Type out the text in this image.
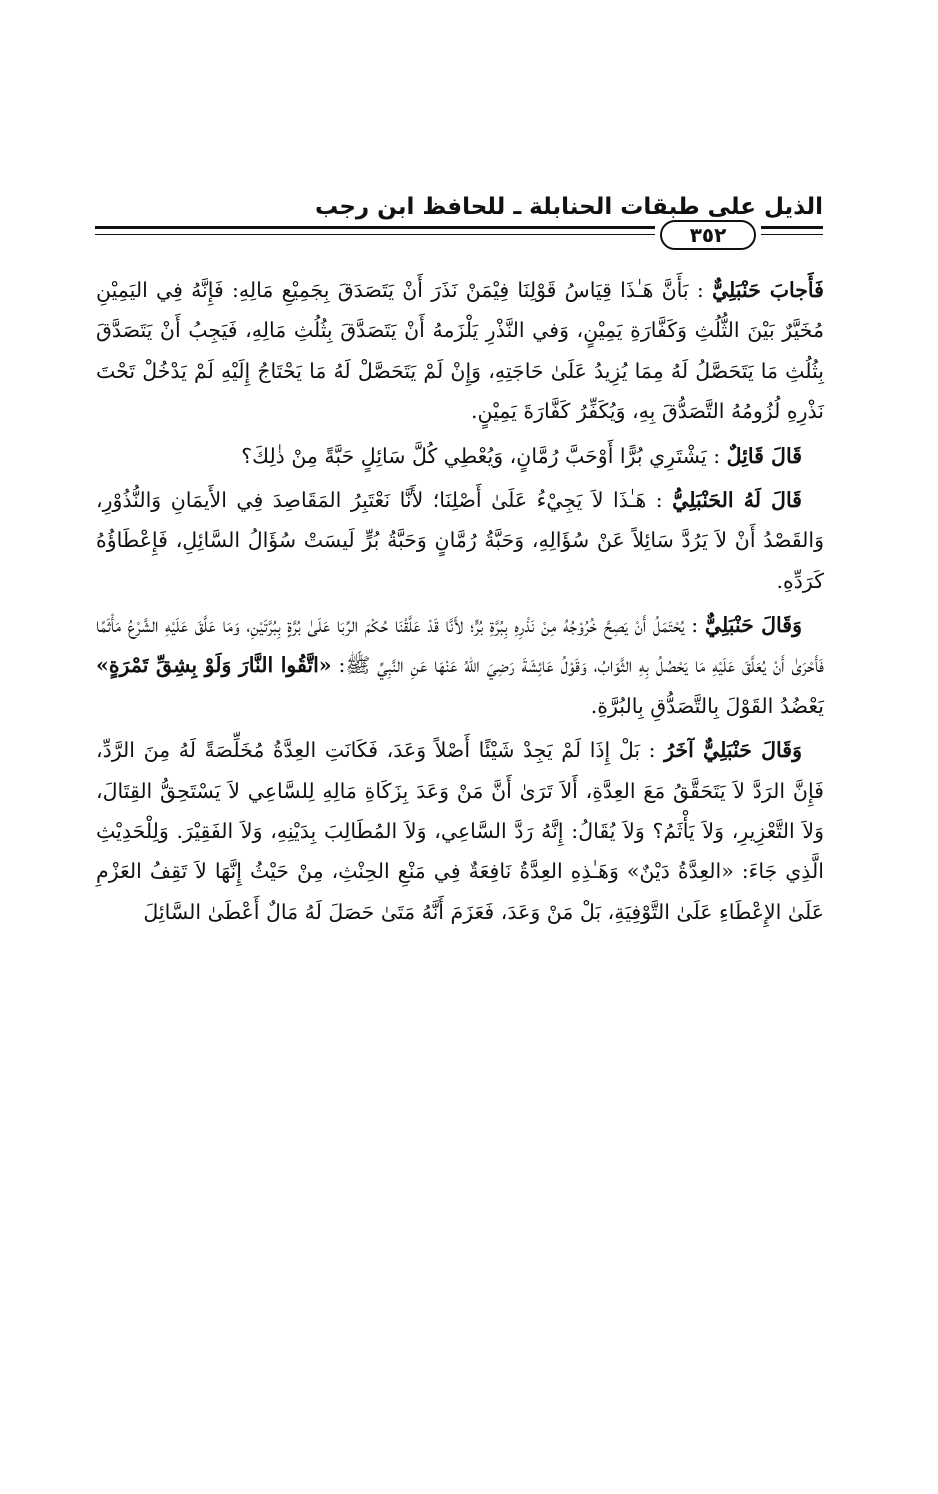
الذيل على طبقات الحنابلة ـ للحافظ ابن رجب
٣٥٢

فَأَجابَ حَنْبَلِيٌّ : بَأَنَّ هَـٰذَا قِيَاسُ قَوْلِنَا فِيْمَنْ نَذَرَ أَنْ يَتَصَدَقَ بِجَمِيْعِ مَالِهِ: فَإِنَّهُ فِي اليَمِيْنِ مُخَيَّرٌ بَيْنَ الثُّلُثِ وَكَفَّارَةِ يَمِيْنٍ، وَفي النَّذْرِ يَلْزَمهُ أَنْ يَتَصَدَّقَ بِثُلُثِ مَالِهِ، فَيَجِبُ أَنْ يَتَصَدَّقَ بِثُلُثِ مَا يَتَحَصَّلُ لَهُ مِمَا يُزِيدُ عَلَىٰ حَاجَتِهِ، وَإِنْ لَمْ يَتَحَصَّلْ لَهُ مَا يَحْتَاجُ إِلَيْهِ لَمْ يَدْخُلْ تَحْتَ نَذْرِهِ لُزُومُهُ التَّصَدُّقَ بِهِ، وَيُكَفِّرُ كَفَّارَةَ يَمِيْنٍ.

قَالَ قَائِلٌ : يَشْتَرِي بُرًّا أَوْحَبَّ رُمَّانٍ، وَيُعْطِي كُلَّ سَائِلٍ حَبَّةً مِنْ ذٰلِكَ؟

قَالَ لَهُ الحَنْبَلِيُّ : هَـٰذَا لاَ يَجِيْءُ عَلَىٰ أَصْلِنَا؛ لأَنَّا نَعْتَبِرُ المَقَاصِدَ فِي الأَيمَانِ وَالنُّذُوْرِ، وَالقَصْدُ أَنْ لاَ يَرُدَّ سَائِلاً عَنْ سُؤَالِهِ، وَحَبَّةُ رُمَّانٍ وَحَبَّةُ بُرٍّ لَيسَتْ سُؤَالُ السَّائِلِ، فَإِعْطَاؤُهُ كَرَدِّهِ.

وَقَالَ حَنْبَلِيٌّ : يُحْتَمَلُ أَنْ يَصِحَّ خُرُوْجُهُ مِنْ نَذْرِهِ بِبُرَّةِ بُرٍّ؛ لأَنَّا قَدْ عَلَّقْنَا حُكْمَ الرِّبَا عَلَىٰ بُرَّةٍ بِبُرَّتَيْنِ، وَمَا عَلَّقَ عَلَيْهِ الشَّرْعُ مَأْثَمًا فَأَحْرَىٰ أَنْ يُعَلَّقَ عَلَيْهِ مَا يَحْصُلُ بِهِ الثَّوَابُ، وَقَوْلُ عَائِشَةَ رَضِيَ اللهُ عَنْهَا عَنِ النَّبِيِّ ﷺ: «اتَّقُوا النَّارَ وَلَوْ بِشِقِّ تَمْرَةٍ» يَعْضُدُ القَوْلَ بِالتَّصَدُّقِ بِالبُرَّةِ.

وَقَالَ حَنْبَلِيٌّ آخَرُ : بَلْ إِذَا لَمْ يَجِدْ شَيْئًا أَصْلاً وَعَدَ، فَكَانَتِ العِدَّةُ مُخَلِّصَةً لَهُ مِنَ الرَّدِّ، فَإِنَّ الرَدَّ لاَ يَتَحَقَّقُ مَعَ العِدَّةِ، أَلاَ تَرَىٰ أَنَّ مَنْ وَعَدَ بِزَكَاةِ مَالِهِ لِلسَّاعِي لاَ يَسْتَحِقُّ القِتَالَ، وَلاَ التَّعْزِيرِ، وَلاَ يَأْثَمُ؟ وَلاَ يُقَالُ: إِنَّهُ رَدَّ السَّاعِي، وَلاَ المُطَالِبَ بِدَيْنِهِ، وَلاَ الفَقِيْرَ. وَلِلْحَدِيْثِ الَّذِي جَاءَ: «العِدَّةُ دَيْنٌ» وَهَـٰذِهِ العِدَّةُ نَافِعَةٌ فِي مَنْعِ الحِنْثِ، مِنْ حَيْثُ إِنَّهَا لاَ تَقِفُ العَزْمِ عَلَىٰ الإِعْطَاءِ عَلَىٰ التَّوْفِيَةِ، بَلْ مَنْ وَعَدَ، فَعَزَمَ أَنَّهُ مَتَىٰ حَصَلَ لَهُ مَالٌ أَعْطَىٰ السَّائِلَ
